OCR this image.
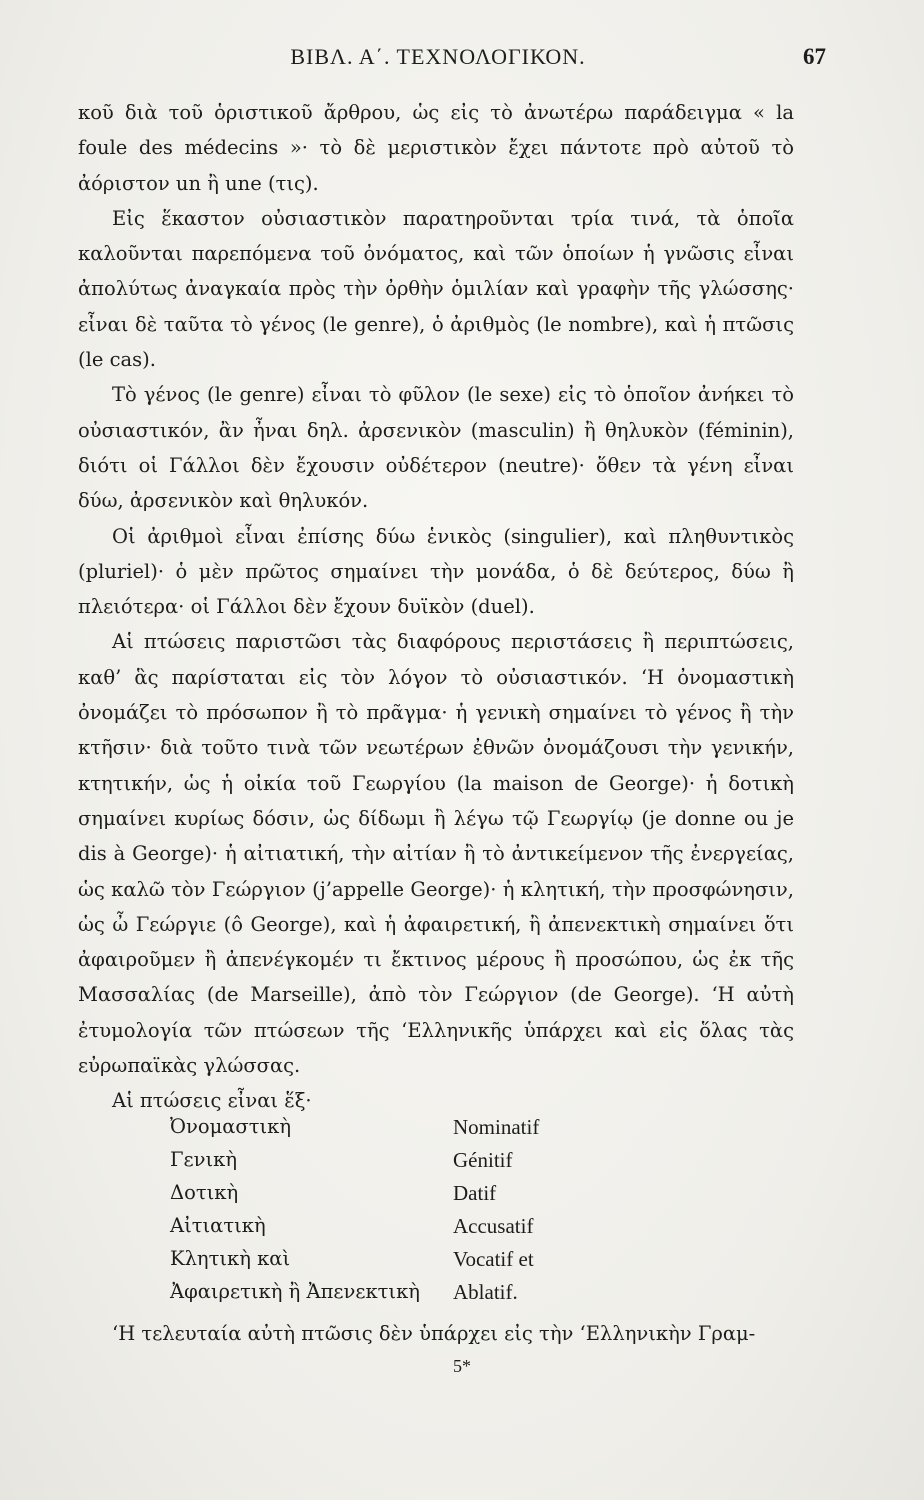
ΒΙΒΛ. Α΄. ΤΕΧΝΟΛΟΓΙΚΟΝ.	67

κοῦ διὰ τοῦ ὁριστικοῦ ἄρθρου, ὡς εἰς τὸ ἀνωτέρω παράδειγμα « la foule des médecins »· τὸ δὲ μεριστικὸν ἔχει πάντοτε πρὸ αὐτοῦ τὸ ἀόριστον un ἢ une (τις).

Εἰς ἕκαστον οὐσιαστικὸν παρατηροῦνται τρία τινά, τὰ ὁποῖα καλοῦνται παρεπόμενα τοῦ ὀνόματος, καὶ τῶν ὁποίων ἡ γνῶσις εἶναι ἀπολύτως ἀναγκαία πρὸς τὴν ὀρθὴν ὁμιλίαν καὶ γραφὴν τῆς γλώσσης· εἶναι δὲ ταῦτα τὸ γένος (le genre), ὁ ἀριθμὸς (le nombre), καὶ ἡ πτῶσις (le cas).

Τὸ γένος (le genre) εἶναι τὸ φῦλον (le sexe) εἰς τὸ ὁποῖον ἀνήκει τὸ οὐσιαστικόν, ἂν ἦναι δηλ. ἀρσενικὸν (masculin) ἢ θηλυκὸν (féminin), διότι οἱ Γάλλοι δὲν ἔχουσιν οὐδέτερον (neutre)· ὅθεν τὰ γένη εἶναι δύω, ἀρσενικὸν καὶ θηλυκόν.

Οἱ ἀριθμοὶ εἶναι ἐπίσης δύω ἑνικὸς (singulier), καὶ πληθυντικὸς (pluriel)· ὁ μὲν πρῶτος σημαίνει τὴν μονάδα, ὁ δὲ δεύτερος, δύω ἢ πλειότερα· οἱ Γάλλοι δὲν ἔχουν δυϊκὸν (duel).

Αἱ πτώσεις παριστῶσι τὰς διαφόρους περιστάσεις ἢ περιπτώσεις, καθ’ ἃς παρίσταται εἰς τὸν λόγον τὸ οὐσιαστικόν. ‘Η ὀνομαστικὴ ὀνομάζει τὸ πρόσωπον ἢ τὸ πρᾶγμα· ἡ γενικὴ σημαίνει τὸ γένος ἢ τὴν κτῆσιν· διὰ τοῦτο τινὰ τῶν νεωτέρων ἐθνῶν ὀνομάζουσι τὴν γενικήν, κτητικήν, ὡς ἡ οἰκία τοῦ Γεωργίου (la maison de George)· ἡ δοτικὴ σημαίνει κυρίως δόσιν, ὡς δίδωμι ἢ λέγω τῷ Γεωργίῳ (je donne ou je dis à George)· ἡ αἰτιατική, τὴν αἰτίαν ἢ τὸ ἀντικείμενον τῆς ἐνεργείας, ὡς καλῶ τὸν Γεώργιον (j’appelle George)· ἡ κλητική, τὴν προσφώνησιν, ὡς ὦ Γεώργιε (ô George), καὶ ἡ ἀφαιρετική, ἢ ἀπενεκτικὴ σημαίνει ὅτι ἀφαιροῦμεν ἢ ἀπενέγκομέν τι ἔκτινος μέρους ἢ προσώπου, ὡς ἐκ τῆς Μασσαλίας (de Marseille), ἀπὸ τὸν Γεώργιον (de George). ‘Η αὐτὴ ἐτυμολογία τῶν πτώσεων τῆς ‘Ελληνικῆς ὑπάρχει καὶ εἰς ὅλας τὰς εὐρωπαϊκὰς γλώσσας.

Αἱ πτώσεις εἶναι ἕξ·

Ὀνομαστικὴ	Nominatif
Γενικὴ	Génitif
Δοτικὴ	Datif
Αἰτιατικὴ	Accusatif
Κλητικὴ καὶ	Vocatif et
Ἀφαιρετικὴ ἢ Ἀπενεκτικὴ Ablatif.

‘Η τελευταία αὐτὴ πτῶσις δὲν ὑπάρχει εἰς τὴν ‘Ελληνικὴν Γραμ-

5*
